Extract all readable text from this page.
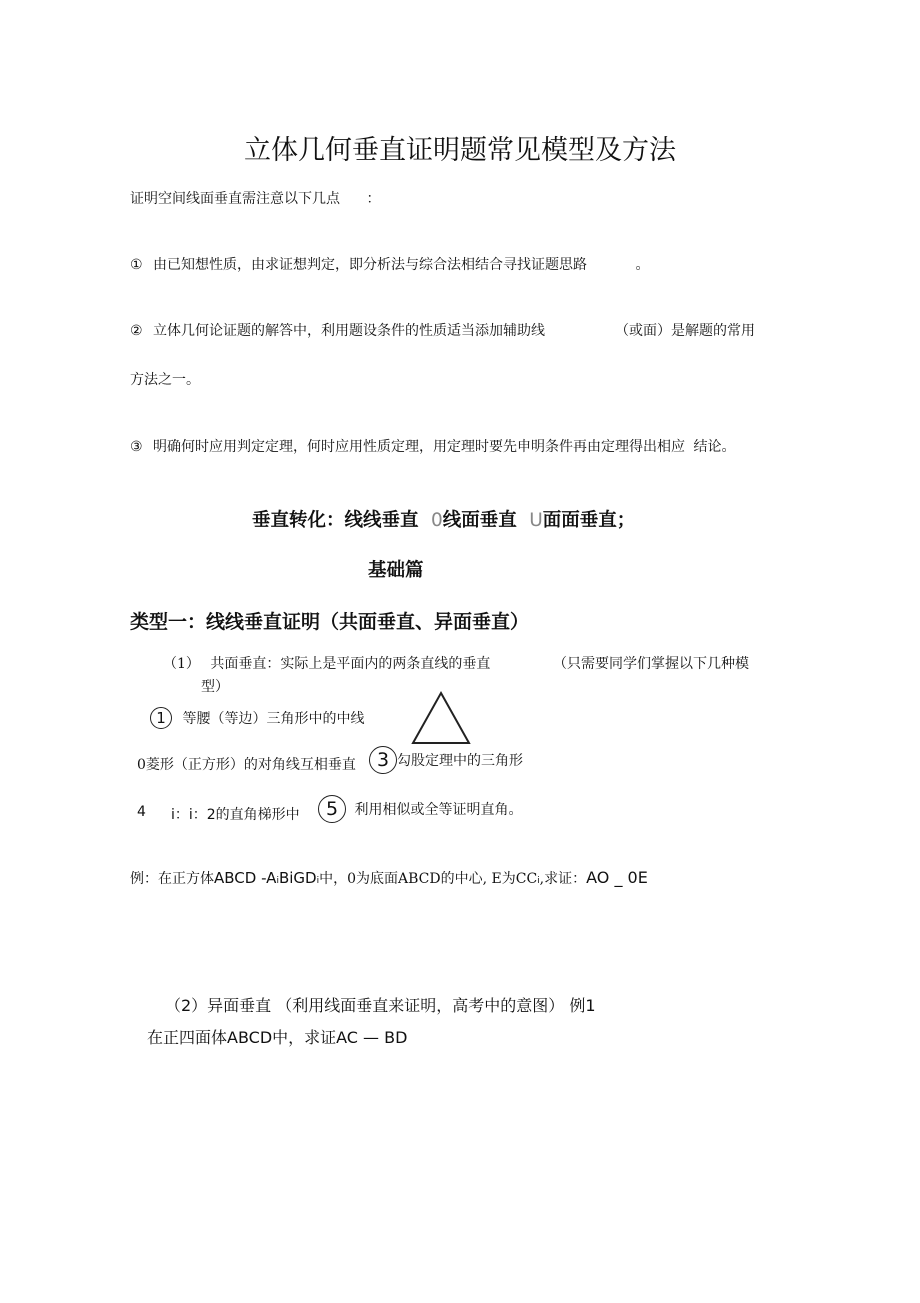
立体几何垂直证明题常见模型及方法
证明空间线面垂直需注意以下几点 ：
① 由已知想性质，由求证想判定，即分析法与综合法相结合寻找证题思路	。
② 立体几何论证题的解答中，利用题设条件的性质适当添加辅助线	（或面）是解题的常用
方法之一。
③ 明确何时应用判定定理，何时应用性质定理，用定理时要先申明条件再由定理得出相应 结论。
垂直转化：线线垂直 0线面垂直 U面面垂直；
基础篇
类型一：线线垂直证明（共面垂直、异面垂直）
（1） 共面垂直：实际上是平面内的两条直线的垂直	（只需要同学们掌握以下几种模
型）
1 等腰（等边）三角形中的中线
0菱形（正方形）的对角线互相垂直	3 勾股定理中的三角形
4 i：i：2的直角梯形中	5 利用相似或全等证明直角。
例：在正方体ABCD -AiBiGDi中，0为底面ABCD的中心, E为CCi,求证：AO _ 0E
（2）异面垂直 （利用线面垂直来证明，高考中的意图） 例1
在正四面体ABCD中，求证AC — BD
